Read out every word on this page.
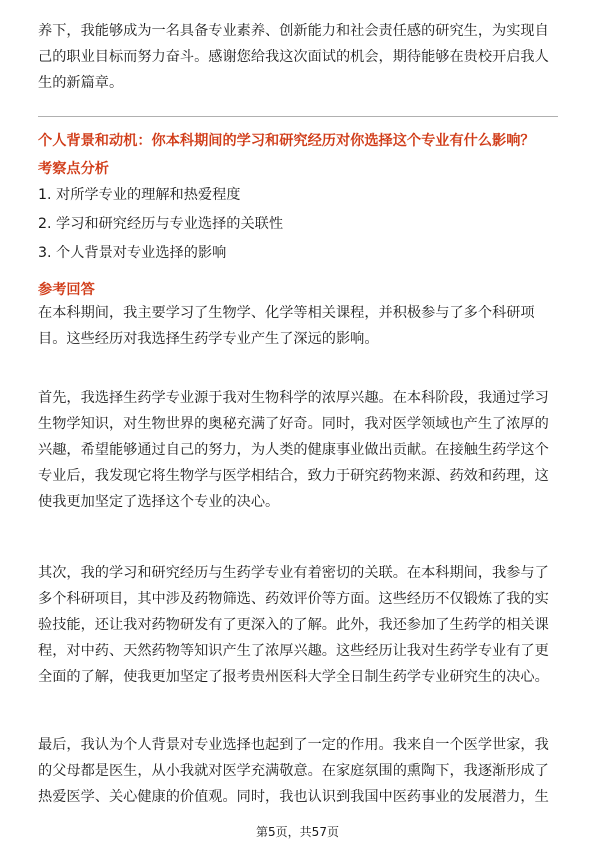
养下，我能够成为一名具备专业素养、创新能力和社会责任感的研究生，为实现自己的职业目标而努力奋斗。感谢您给我这次面试的机会，期待能够在贵校开启我人生的新篇章。

个人背景和动机：你本科期间的学习和研究经历对你选择这个专业有什么影响？

考察点分析

1. 对所学专业的理解和热爱程度

2. 学习和研究经历与专业选择的关联性

3. 个人背景对专业选择的影响

参考回答

在本科期间，我主要学习了生物学、化学等相关课程，并积极参与了多个科研项目。这些经历对我选择生药学专业产生了深远的影响。

首先，我选择生药学专业源于我对生物科学的浓厚兴趣。在本科阶段，我通过学习生物学知识，对生物世界的奥秘充满了好奇。同时，我对医学领域也产生了浓厚的兴趣，希望能够通过自己的努力，为人类的健康事业做出贡献。在接触生药学这个专业后，我发现它将生物学与医学相结合，致力于研究药物来源、药效和药理，这使我更加坚定了选择这个专业的决心。

其次，我的学习和研究经历与生药学专业有着密切的关联。在本科期间，我参与了多个科研项目，其中涉及药物筛选、药效评价等方面。这些经历不仅锻炼了我的实验技能，还让我对药物研发有了更深入的了解。此外，我还参加了生药学的相关课程，对中药、天然药物等知识产生了浓厚兴趣。这些经历让我对生药学专业有了更全面的了解，使我更加坚定了报考贵州医科大学全日制生药学专业研究生的决心。

最后，我认为个人背景对专业选择也起到了一定的作用。我来自一个医学世家，我的父母都是医生，从小我就对医学充满敬意。在家庭氛围的熏陶下，我逐渐形成了热爱医学、关心健康的价值观。同时，我也认识到我国中医药事业的发展潜力，生

第5页，共57页
